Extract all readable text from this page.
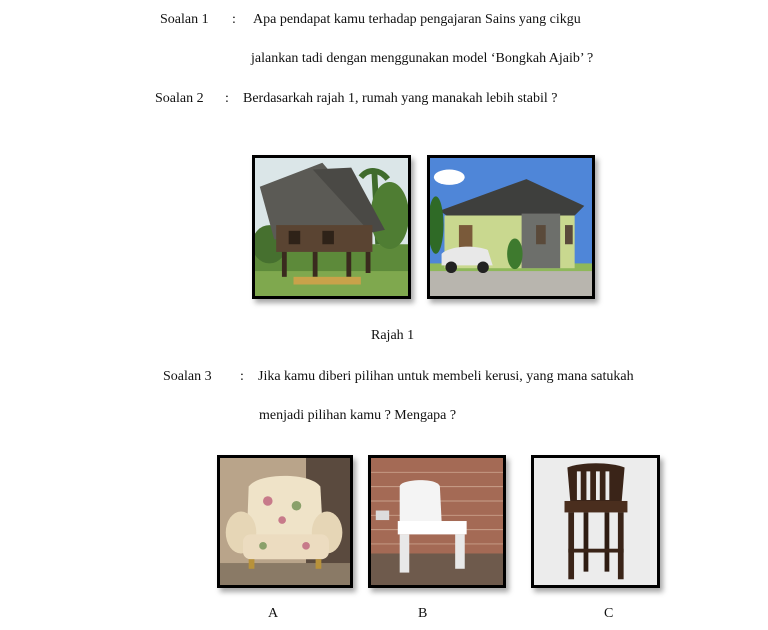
Soalan 1 : Apa pendapat kamu terhadap pengajaran Sains yang cikgu
jalankan tadi dengan menggunakan model ‘Bongkah Ajaib’ ?
Soalan 2 : Berdasarkah rajah 1, rumah yang manakah lebih stabil ?
Rajah 1
Soalan 3 : Jika kamu diberi pilihan untuk membeli kerusi, yang mana satukah
menjadi pilihan kamu ? Mengapa ?
A	B	C
